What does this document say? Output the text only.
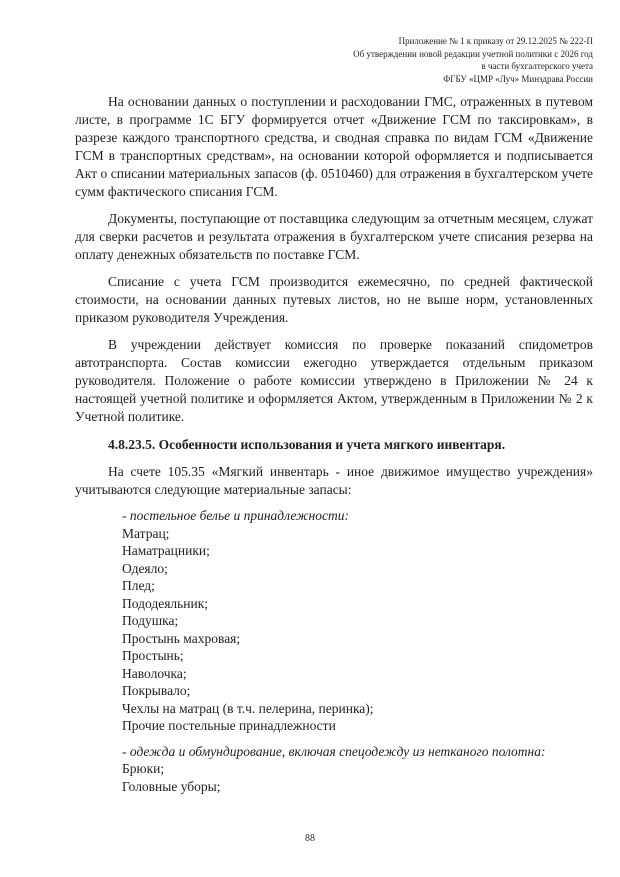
Приложение № 1 к приказу от 29.12.2025 № 222-П
Об утверждении новой редакции учетной политики с 2026 год
в части бухгалтерского учета
ФГБУ «ЦМР «Луч» Минздрава России

На основании данных о поступлении и расходовании ГМС, отраженных в путевом листе, в программе 1С БГУ формируется отчет «Движение ГСМ по таксировкам», в разрезе каждого транспортного средства, и сводная справка по видам ГСМ «Движение ГСМ в транспортных средствам», на основании которой оформляется и подписывается Акт о списании материальных запасов (ф. 0510460) для отражения в бухгалтерском учете сумм фактического списания ГСМ.

Документы, поступающие от поставщика следующим за отчетным месяцем, служат для сверки расчетов и результата отражения в бухгалтерском учете списания резерва на оплату денежных обязательств по поставке ГСМ.

Списание с учета ГСМ производится ежемесячно, по средней фактической стоимости, на основании данных путевых листов, но не выше норм, установленных приказом руководителя Учреждения.

В учреждении действует комиссия по проверке показаний спидометров автотранспорта. Состав комиссии ежегодно утверждается отдельным приказом руководителя. Положение о работе комиссии утверждено в Приложении № 24 к настоящей учетной политике и оформляется Актом, утвержденным в Приложении № 2 к Учетной политике.

4.8.23.5. Особенности использования и учета мягкого инвентаря.

На счете 105.35 «Мягкий инвентарь - иное движимое имущество учреждения» учитываются следующие материальные запасы:

- постельное белье и принадлежности:
Матрац;
Наматрацники;
Одеяло;
Плед;
Пододеяльник;
Подушка;
Простынь махровая;
Простынь;
Наволочка;
Покрывало;
Чехлы на матрац (в т.ч. пелерина, перинка);
Прочие постельные принадлежности
- одежда и обмундирование, включая спецодежду из нетканого полотна:
Брюки;
Головные уборы;
88
